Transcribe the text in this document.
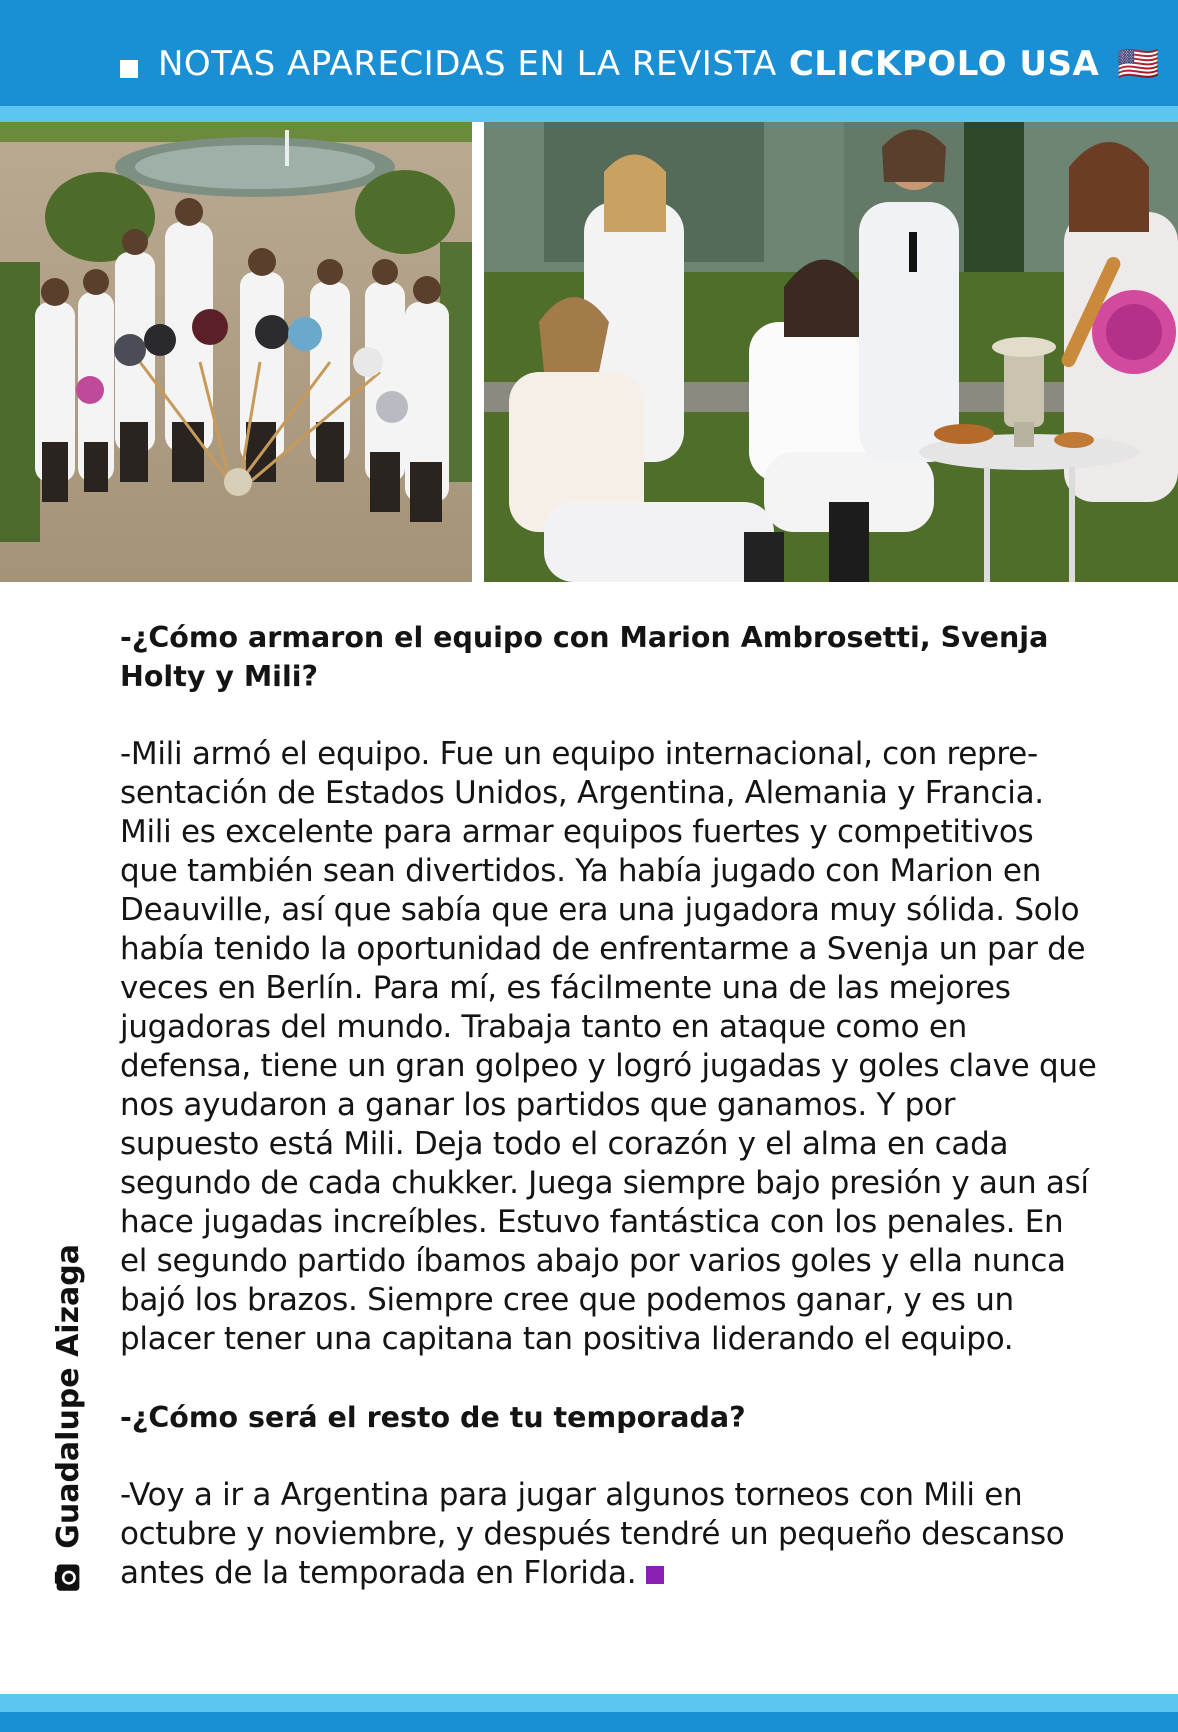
NOTAS APARECIDAS EN LA REVISTA CLICKPOLO USA 🇺🇸

-¿Cómo armaron el equipo con Marion Ambrosetti, Svenja Holty y Mili?

-Mili armó el equipo. Fue un equipo internacional, con repre- sentación de Estados Unidos, Argentina, Alemania y Francia. Mili es excelente para armar equipos fuertes y competitivos que también sean divertidos. Ya había jugado con Marion en Deauville, así que sabía que era una jugadora muy sólida. Solo había tenido la oportunidad de enfrentarme a Svenja un par de veces en Berlín. Para mí, es fácilmente una de las mejores jugadoras del mundo. Trabaja tanto en ataque como en defensa, tiene un gran golpeo y logró jugadas y goles clave que nos ayudaron a ganar los partidos que ganamos. Y por supuesto está Mili. Deja todo el corazón y el alma en cada segundo de cada chukker. Juega siempre bajo presión y aun así hace jugadas increíbles. Estuvo fantástica con los penales. En el segundo partido íbamos abajo por varios goles y ella nunca bajó los brazos. Siempre cree que podemos ganar, y es un placer tener una capitana tan positiva liderando el equipo.

-¿Cómo será el resto de tu temporada?

-Voy a ir a Argentina para jugar algunos torneos con Mili en octubre y noviembre, y después tendré un pequeño descanso antes de la temporada en Florida.

Guadalupe Aizaga
